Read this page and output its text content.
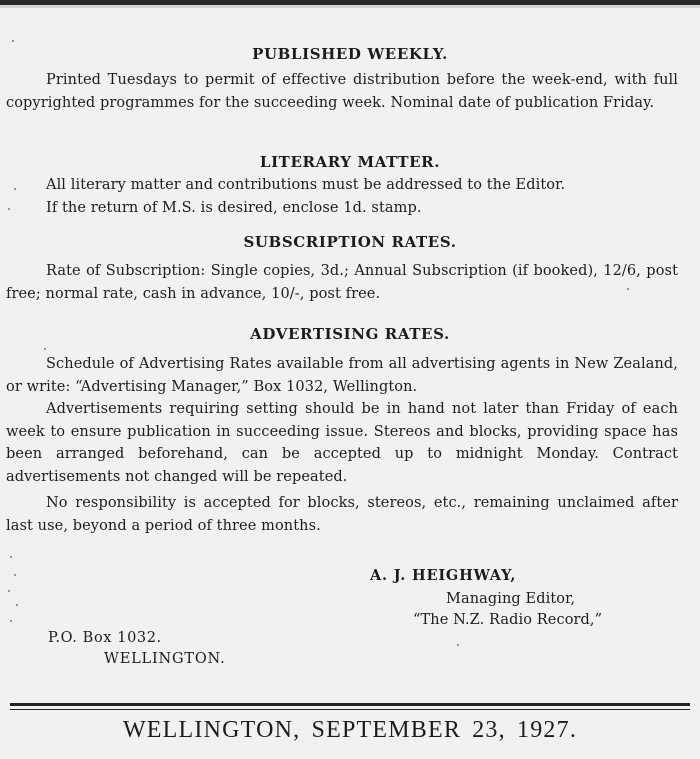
PUBLISHED WEEKLY.
Printed Tuesdays to permit of effective distribution before the week-end, with full copyrighted programmes for the succeeding week. Nominal date of publication Friday.
LITERARY MATTER.
All literary matter and contributions must be addressed to the Editor.
If the return of M.S. is desired, enclose 1d. stamp.
SUBSCRIPTION RATES.
Rate of Subscription: Single copies, 3d.; Annual Subscription (if booked), 12/6, post free; normal rate, cash in advance, 10/-, post free.
ADVERTISING RATES.
Schedule of Advertising Rates available from all advertising agents in New Zealand, or write: “Advertising Manager,” Box 1032, Wellington.
Advertisements requiring setting should be in hand not later than Friday of each week to ensure publication in succeeding issue. Stereos and blocks, providing space has been arranged beforehand, can be accepted up to midnight Monday. Contract advertisements not changed will be repeated.
No responsibility is accepted for blocks, stereos, etc., remaining unclaimed after last use, beyond a period of three months.
A. J. HEIGHWAY,
Managing Editor,
“The N.Z. Radio Record,”
P.O. Box 1032.
WELLINGTON.
WELLINGTON, SEPTEMBER 23, 1927.
